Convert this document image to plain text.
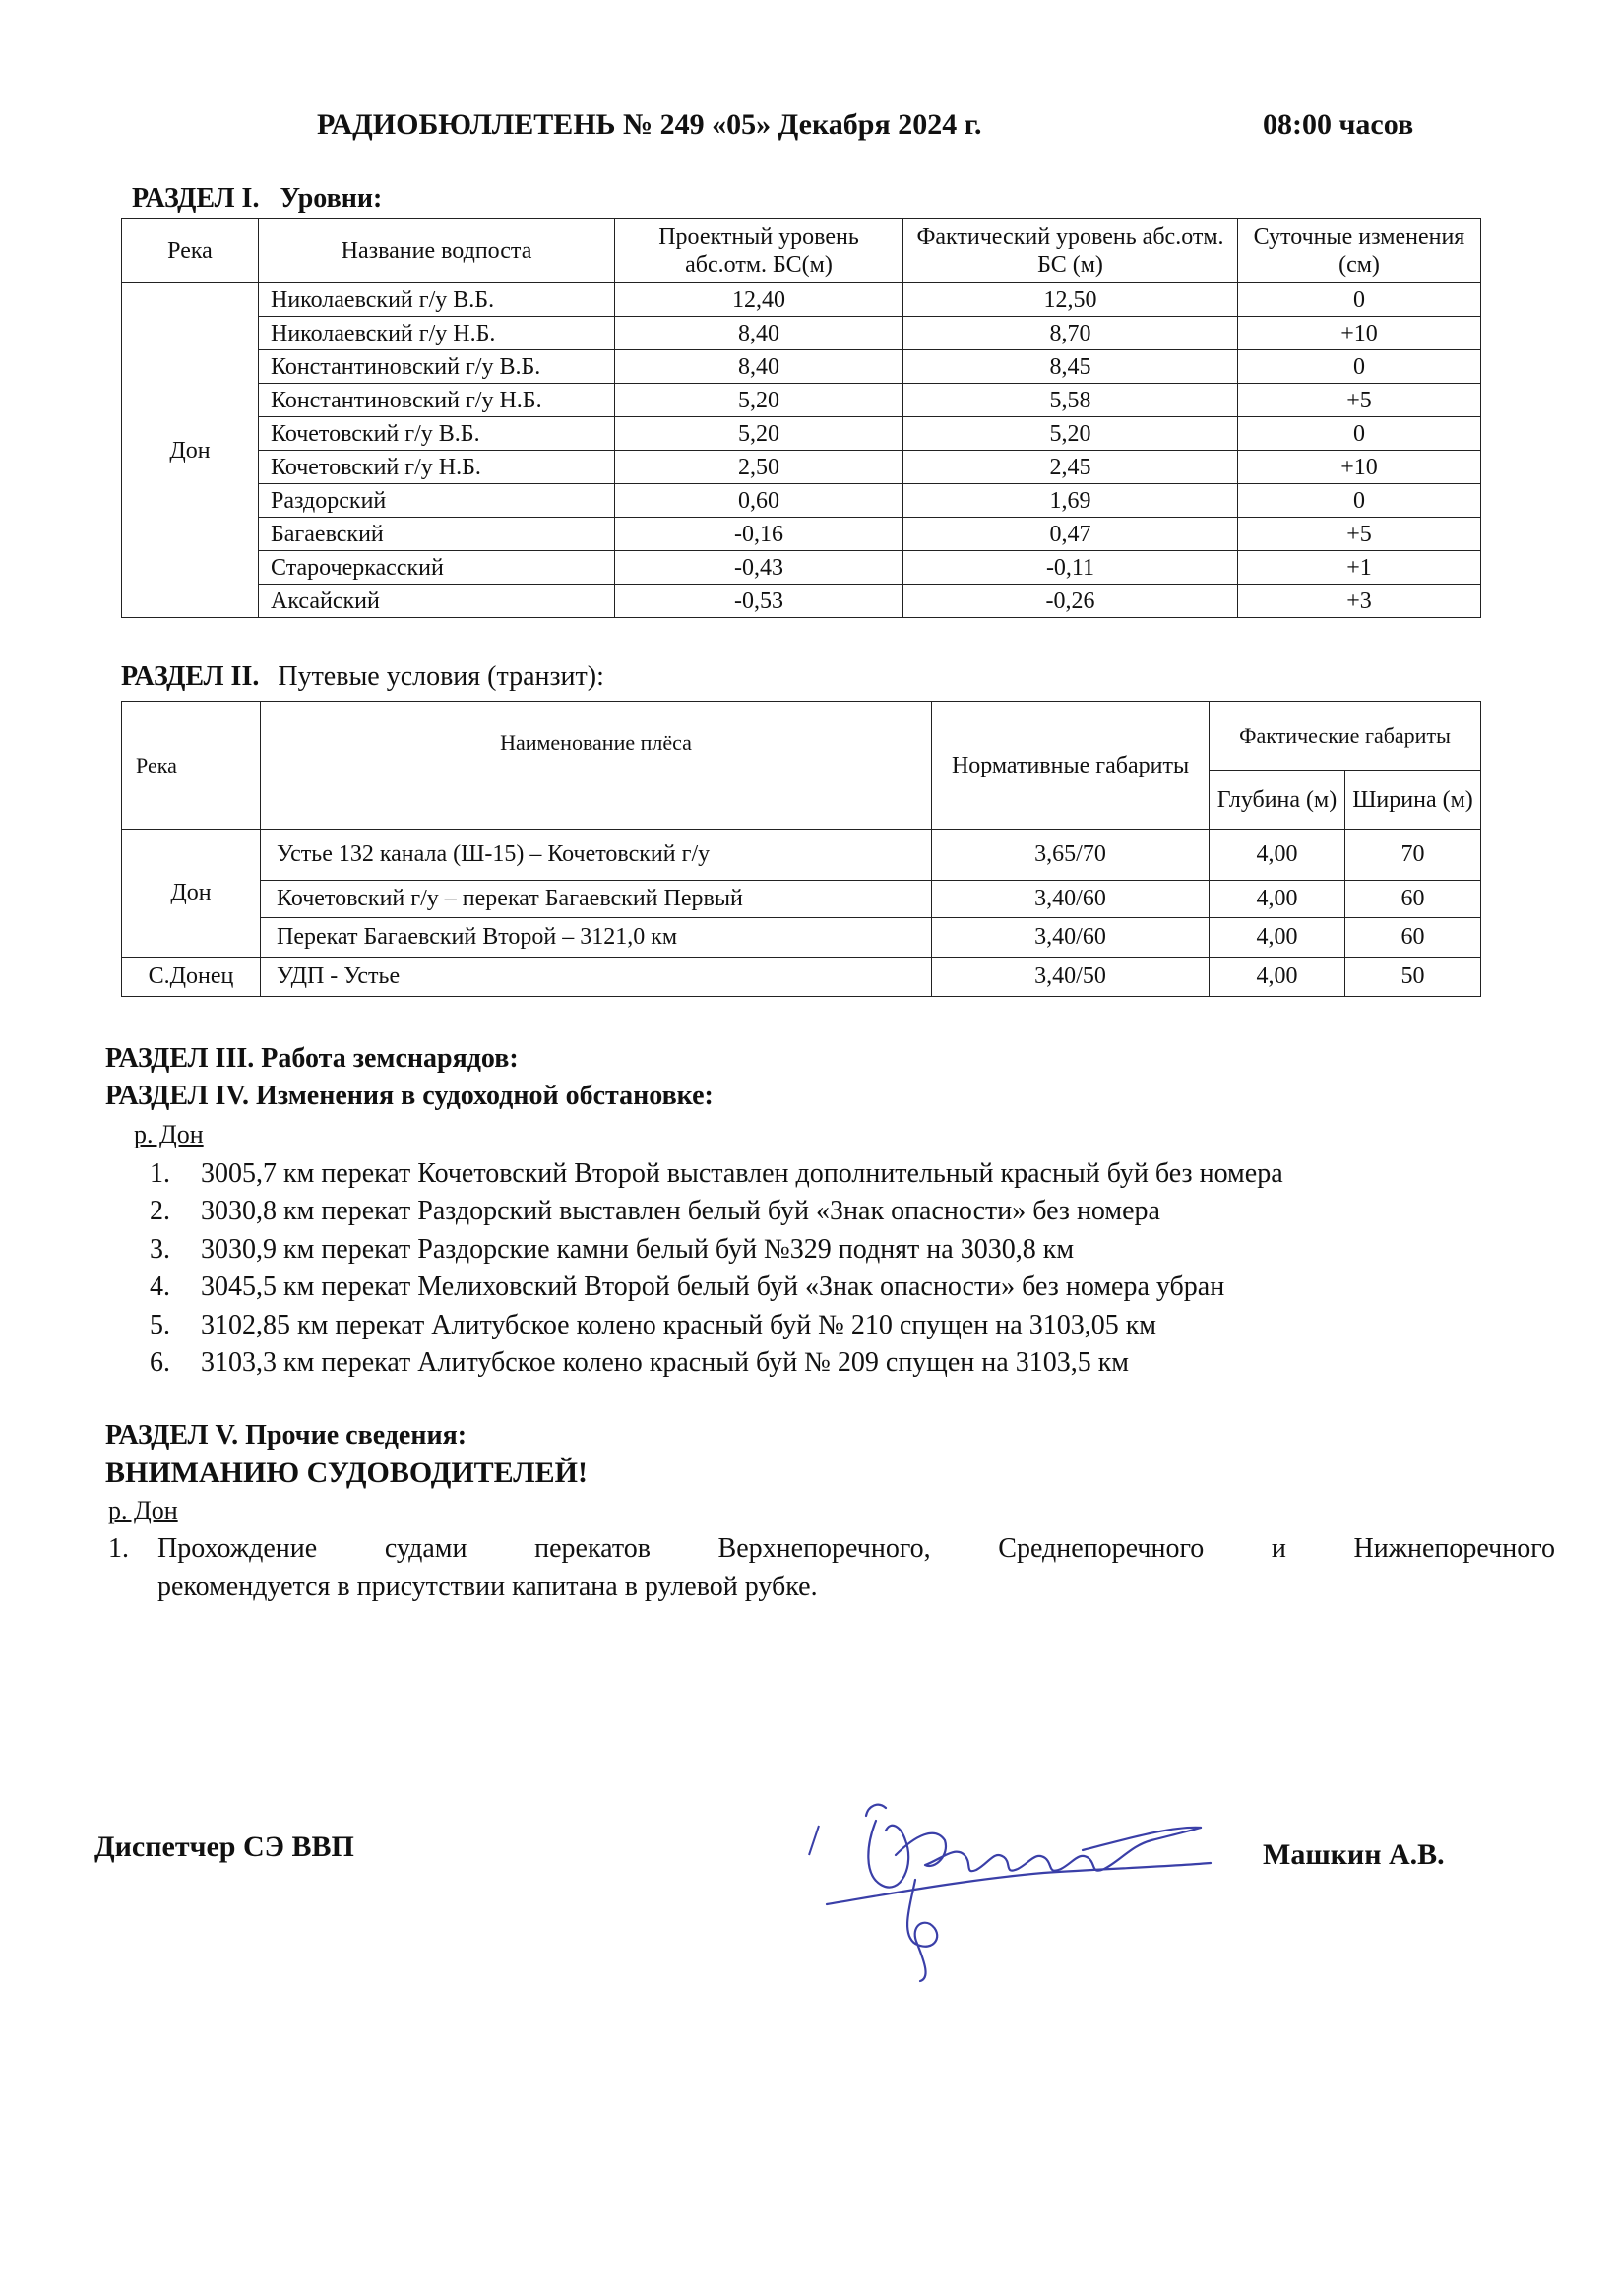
РАДИОБЮЛЛЕТЕНЬ № 249 «05» Декабря 2024 г.	08:00 часов
РАЗДЕЛ I. Уровни:
Река	Название водпоста	Проектный уровень абс.отм. БС(м)	Фактический уровень абс.отм. БС (м)	Суточные изменения (см)
Дон	Николаевский г/у В.Б.	12,40	12,50	0
	Николаевский г/у Н.Б.	8,40	8,70	+10
	Константиновский г/у В.Б.	8,40	8,45	0
	Константиновский г/у Н.Б.	5,20	5,58	+5
	Кочетовский г/у В.Б.	5,20	5,20	0
	Кочетовский г/у Н.Б.	2,50	2,45	+10
	Раздорский	0,60	1,69	0
	Багаевский	-0,16	0,47	+5
	Старочеркасский	-0,43	-0,11	+1
	Аксайский	-0,53	-0,26	+3
РАЗДЕЛ II. Путевые условия (транзит):
Река	Наименование плёса	Нормативные габариты	Фактические габариты	
			Глубина (м)	Ширина (м)
Дон	Устье 132 канала (Ш-15) – Кочетовский г/у	3,65/70	4,00	70
	Кочетовский г/у – перекат Багаевский Первый	3,40/60	4,00	60
	Перекат Багаевский Второй – 3121,0 км	3,40/60	4,00	60
С.Донец	УДП - Устье	3,40/50	4,00	50
РАЗДЕЛ III. Работа земснарядов:
РАЗДЕЛ IV. Изменения в судоходной обстановке:
р. Дон
1. 3005,7 км перекат Кочетовский Второй выставлен дополнительный красный буй без номера
2. 3030,8 км перекат Раздорский выставлен белый буй «Знак опасности» без номера
3. 3030,9 км перекат Раздорские камни белый буй №329 поднят на 3030,8 км
4. 3045,5 км перекат Мелиховский Второй белый буй «Знак опасности» без номера убран
5. 3102,85 км перекат Алитубское колено красный буй № 210 спущен на 3103,05 км
6. 3103,3 км перекат Алитубское колено красный буй № 209 спущен на 3103,5 км
РАЗДЕЛ V. Прочие сведения:
ВНИМАНИЮ СУДОВОДИТЕЛЕЙ!
р. Дон
1. Прохождение судами перекатов Верхнепоречного, Среднепоречного и Нижнепоречного
рекомендуется в присутствии капитана в рулевой рубке.
Диспетчер СЭ ВВП	Машкин А.В.
